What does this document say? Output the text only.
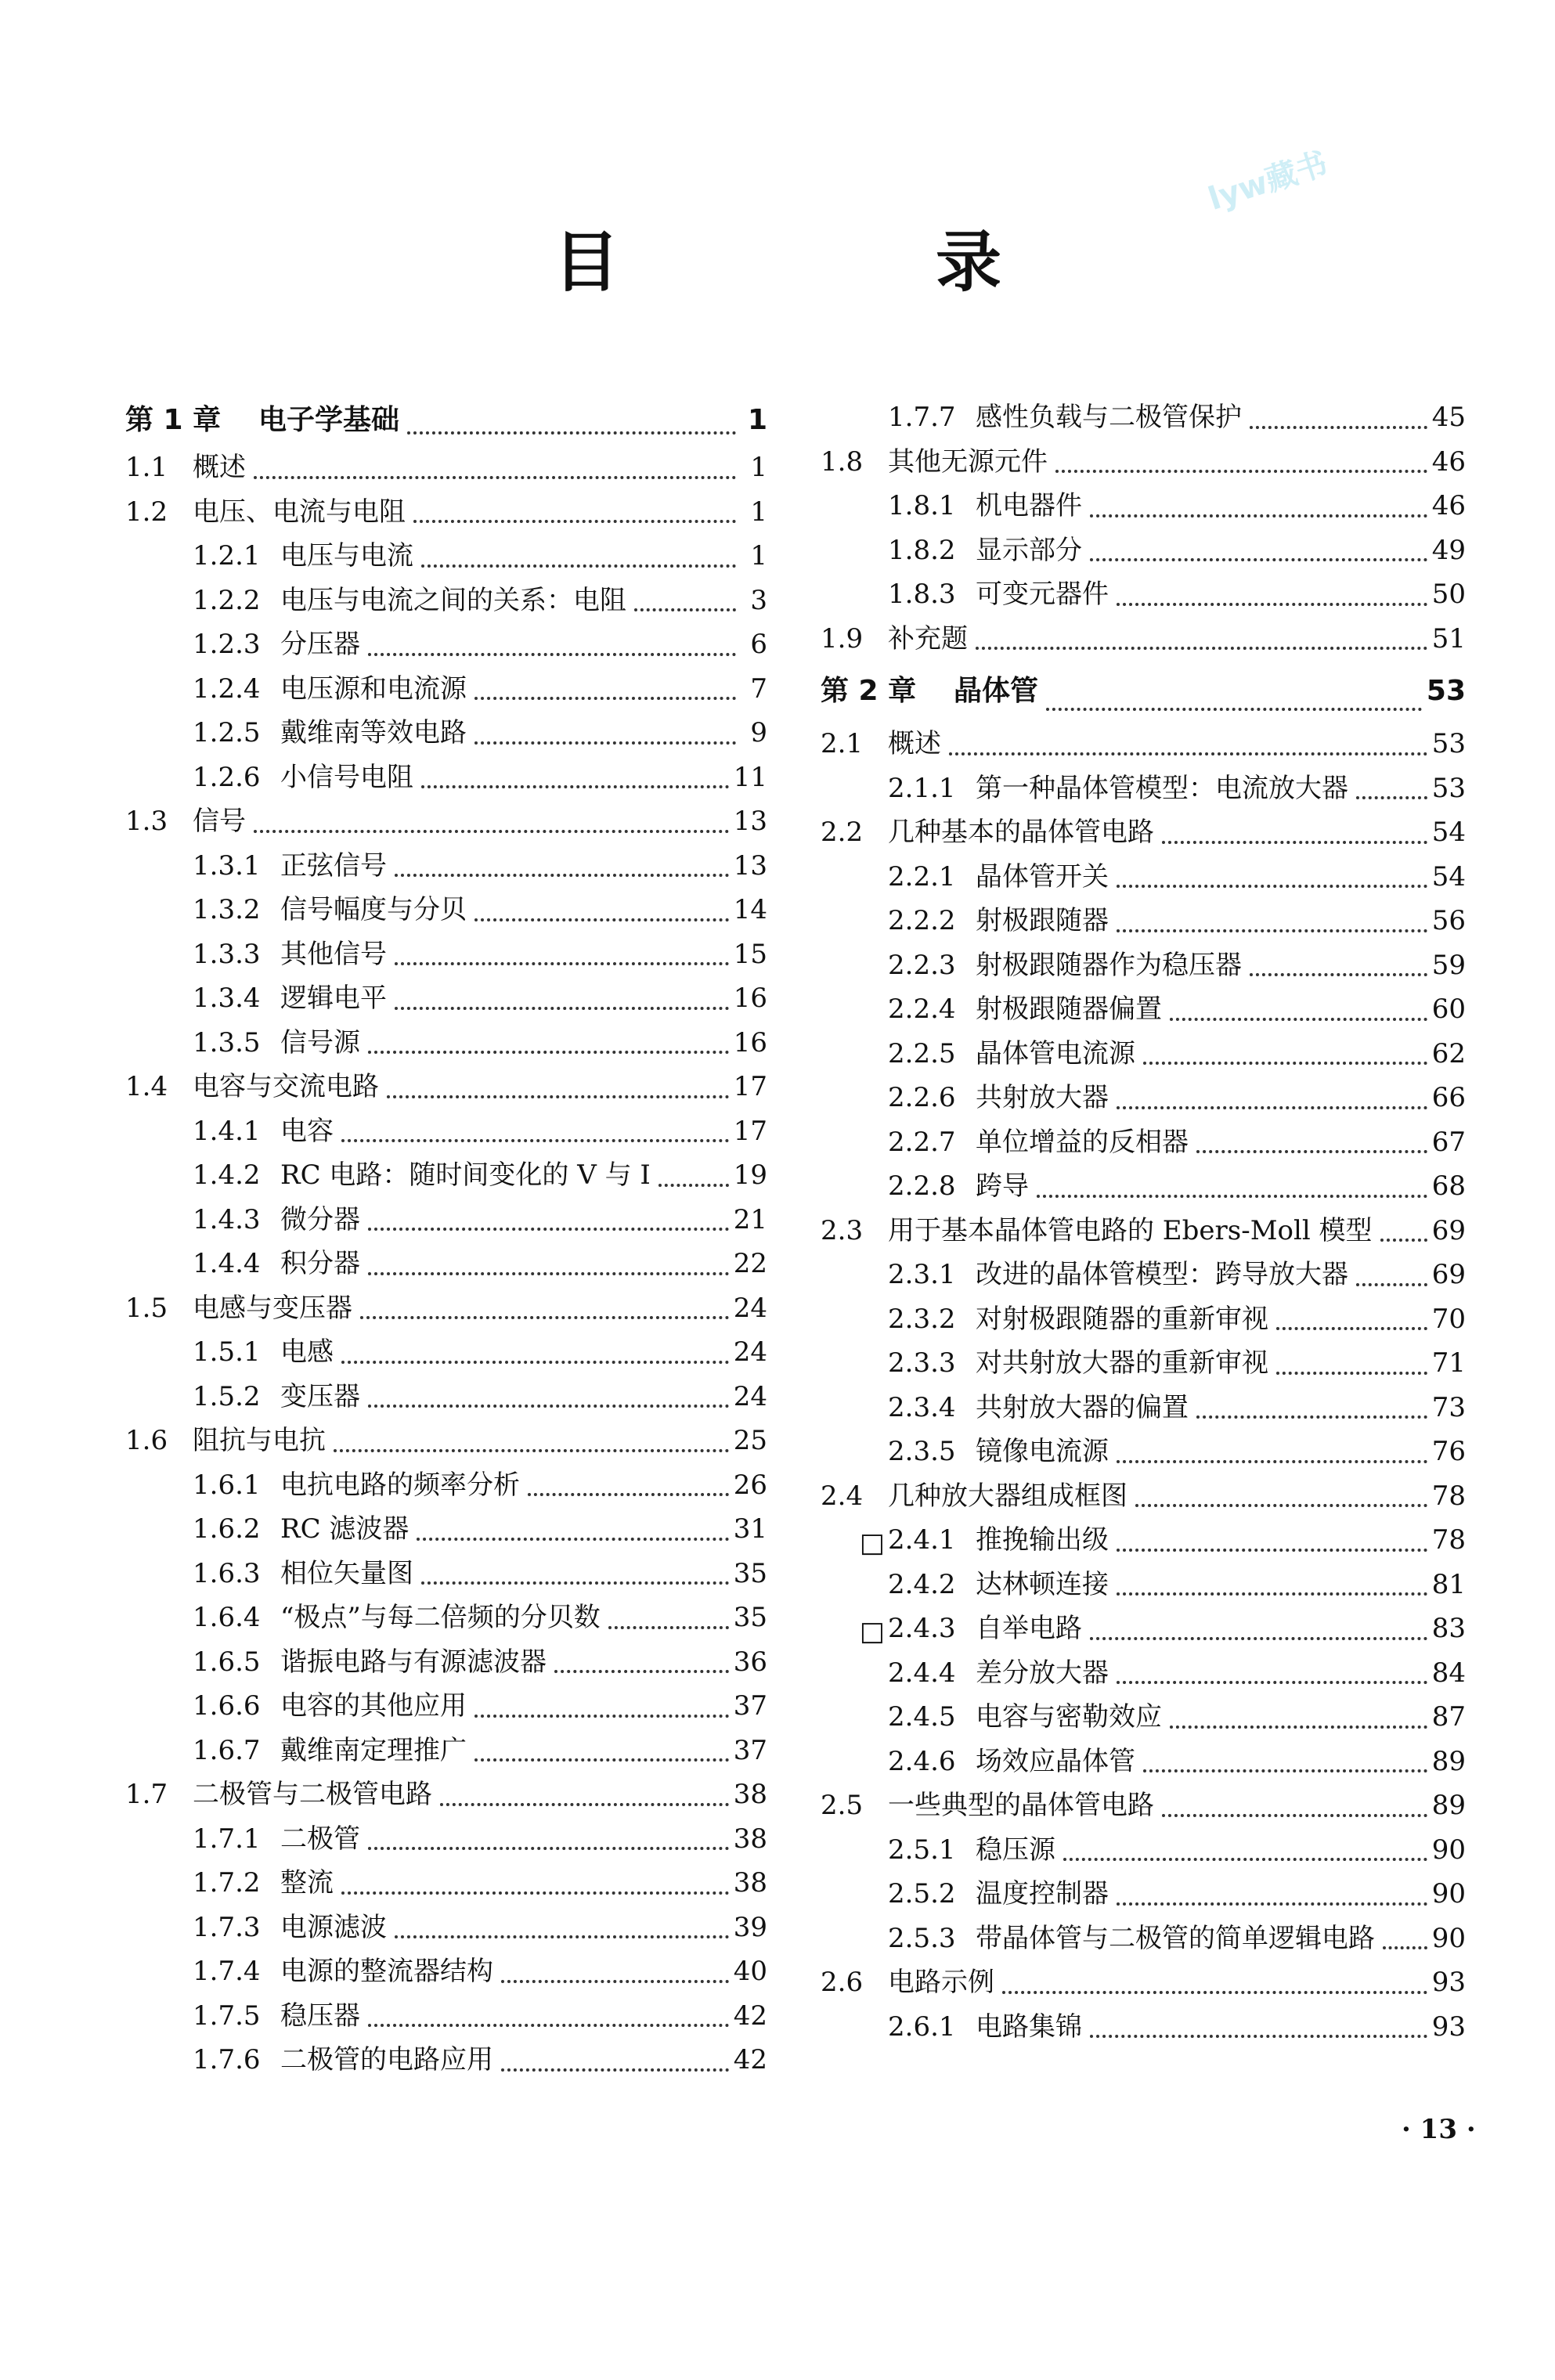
目　录
lyw藏书
第 1 章	电子学基础	1
1.1 概述	1
1.2 电压、电流与电阻	1
1.2.1 电压与电流	1
1.2.2 电压与电流之间的关系：电阻	3
1.2.3 分压器	6
1.2.4 电压源和电流源	7
1.2.5 戴维南等效电路	9
1.2.6 小信号电阻	11
1.3 信号	13
1.3.1 正弦信号	13
1.3.2 信号幅度与分贝	14
1.3.3 其他信号	15
1.3.4 逻辑电平	16
1.3.5 信号源	16
1.4 电容与交流电路	17
1.4.1 电容	17
1.4.2 RC 电路：随时间变化的 V 与 I	19
1.4.3 微分器	21
1.4.4 积分器	22
1.5 电感与变压器	24
1.5.1 电感	24
1.5.2 变压器	24
1.6 阻抗与电抗	25
1.6.1 电抗电路的频率分析	26
1.6.2 RC 滤波器	31
1.6.3 相位矢量图	35
1.6.4 “极点”与每二倍频的分贝数	35
1.6.5 谐振电路与有源滤波器	36
1.6.6 电容的其他应用	37
1.6.7 戴维南定理推广	37
1.7 二极管与二极管电路	38
1.7.1 二极管	38
1.7.2 整流	38
1.7.3 电源滤波	39
1.7.4 电源的整流器结构	40
1.7.5 稳压器	42
1.7.6 二极管的电路应用	42
1.7.7 感性负载与二极管保护	45
1.8 其他无源元件	46
1.8.1 机电器件	46
1.8.2 显示部分	49
1.8.3 可变元器件	50
1.9 补充题	51
第 2 章	晶体管	53
2.1 概述	53
2.1.1 第一种晶体管模型：电流放大器	53
2.2 几种基本的晶体管电路	54
2.2.1 晶体管开关	54
2.2.2 射极跟随器	56
2.2.3 射极跟随器作为稳压器	59
2.2.4 射极跟随器偏置	60
2.2.5 晶体管电流源	62
2.2.6 共射放大器	66
2.2.7 单位增益的反相器	67
2.2.8 跨导	68
2.3 用于基本晶体管电路的 Ebers-Moll 模型 69
2.3.1 改进的晶体管模型：跨导放大器	69
2.3.2 对射极跟随器的重新审视	70
2.3.3 对共射放大器的重新审视	71
2.3.4 共射放大器的偏置	73
2.3.5 镜像电流源	76
2.4 几种放大器组成框图	78
□ 2.4.1 推挽输出级	78
2.4.2 达林顿连接	81
□ 2.4.3 自举电路	83
2.4.4 差分放大器	84
2.4.5 电容与密勒效应	87
2.4.6 场效应晶体管	89
2.5 一些典型的晶体管电路	89
2.5.1 稳压源	90
2.5.2 温度控制器	90
2.5.3 带晶体管与二极管的简单逻辑电路 90
2.6 电路示例	93
2.6.1 电路集锦	93
· 13 ·
